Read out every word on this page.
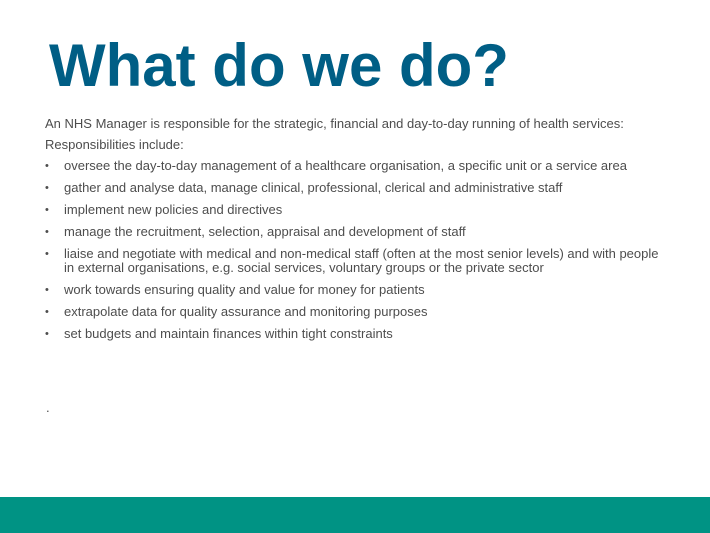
What do we do?

An NHS Manager is responsible for the strategic, financial and day-to-day running of health services:

Responsibilities include:

• oversee the day-to-day management of a healthcare organisation, a specific unit or a service area
• gather and analyse data, manage clinical, professional, clerical and administrative staff
• implement new policies and directives
• manage the recruitment, selection, appraisal and development of staff
• liaise and negotiate with medical and non-medical staff (often at the most senior levels) and with people in external organisations, e.g. social services, voluntary groups or the private sector
• work towards ensuring quality and value for money for patients
• extrapolate data for quality assurance and monitoring purposes
• set budgets and maintain finances within tight constraints
.
